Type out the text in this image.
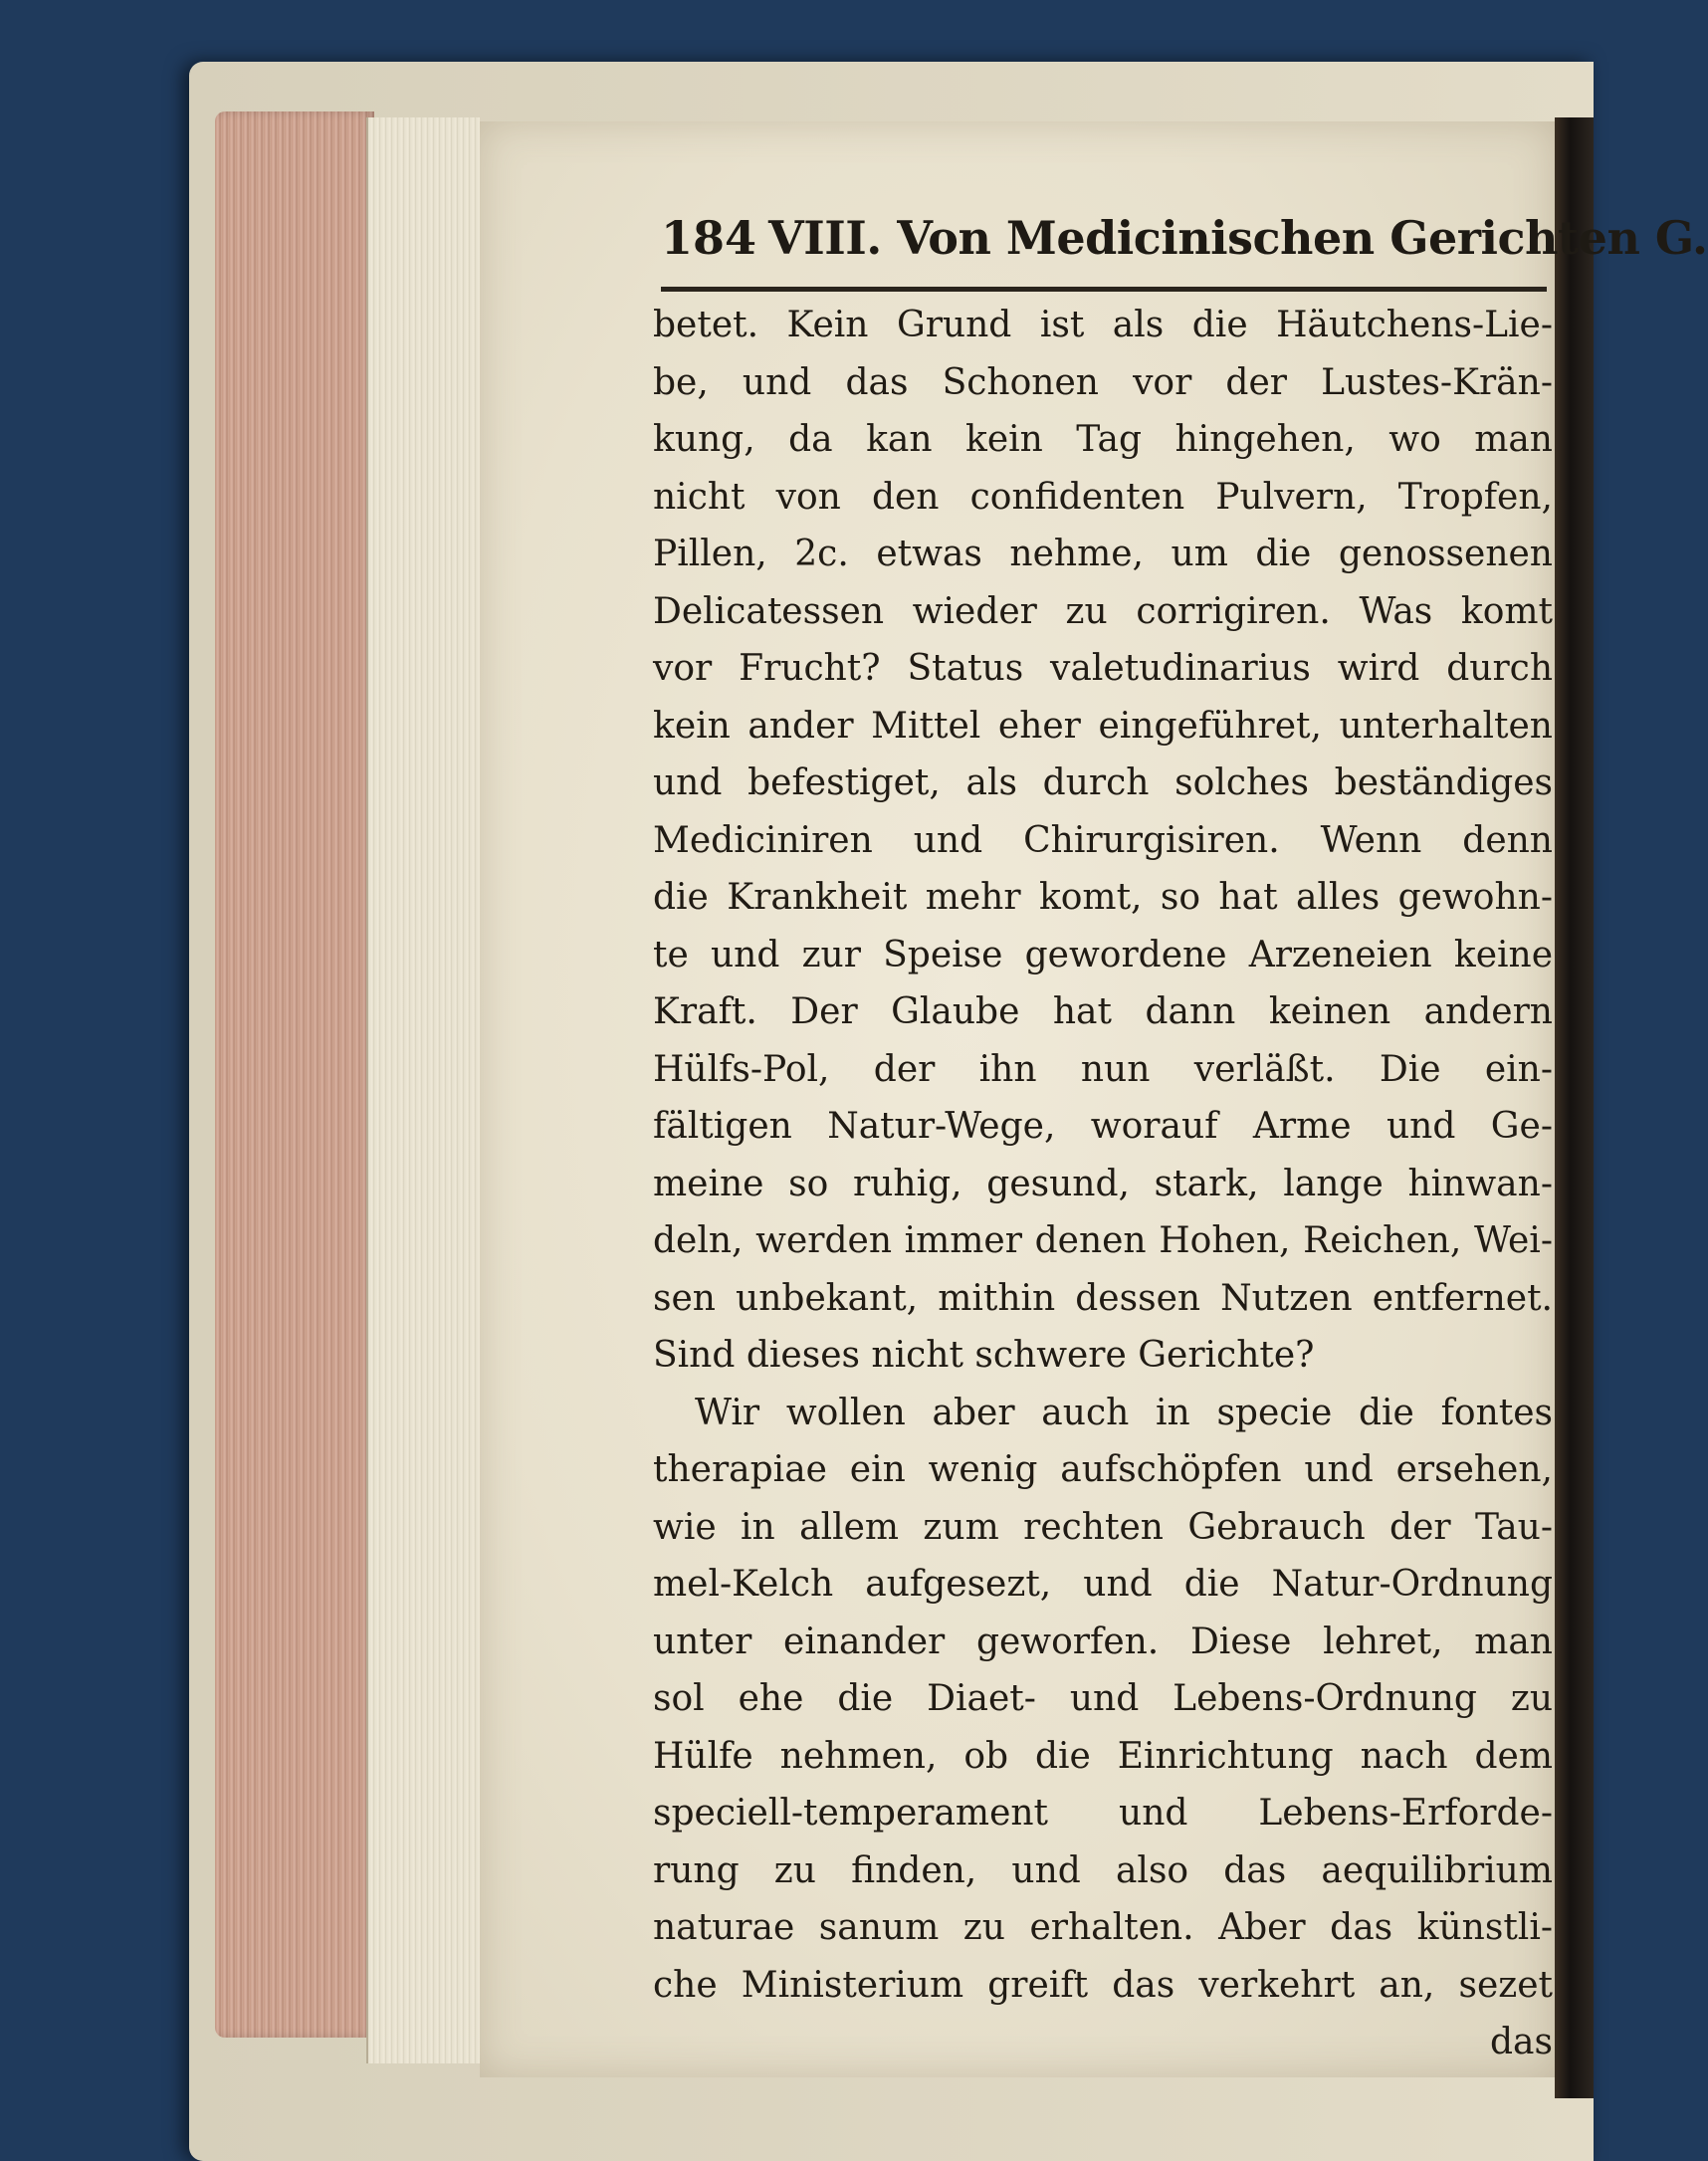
184 VIII. Von Medicinischen Gerichten G.
betet. Kein Grund ist als die Häutchens-Lie-
be, und das Schonen vor der Lustes-Krän-
kung, da kan kein Tag hingehen, wo man
nicht von den confidenten Pulvern, Tropfen,
Pillen, 2c. etwas nehme, um die genossenen
Delicatessen wieder zu corrigiren. Was komt
vor Frucht? Status valetudinarius wird durch
kein ander Mittel eher eingeführet, unterhalten
und befestiget, als durch solches beständiges
Mediciniren und Chirurgisiren. Wenn denn
die Krankheit mehr komt, so hat alles gewohn-
te und zur Speise gewordene Arzeneien keine
Kraft. Der Glaube hat dann keinen andern
Hülfs-Pol, der ihn nun verläßt. Die ein-
fältigen Natur-Wege, worauf Arme und Ge-
meine so ruhig, gesund, stark, lange hinwan-
deln, werden immer denen Hohen, Reichen, Wei-
sen unbekant, mithin dessen Nutzen entfernet.
Sind dieses nicht schwere Gerichte?
Wir wollen aber auch in specie die fontes
therapiae ein wenig aufschöpfen und ersehen,
wie in allem zum rechten Gebrauch der Tau-
mel-Kelch aufgesezt, und die Natur-Ordnung
unter einander geworfen. Diese lehret, man
sol ehe die Diaet- und Lebens-Ordnung zu
Hülfe nehmen, ob die Einrichtung nach dem
speciell-temperament und Lebens-Erforde-
rung zu finden, und also das aequilibrium
naturae sanum zu erhalten. Aber das künstli-
che Ministerium greift das verkehrt an, sezet
das
